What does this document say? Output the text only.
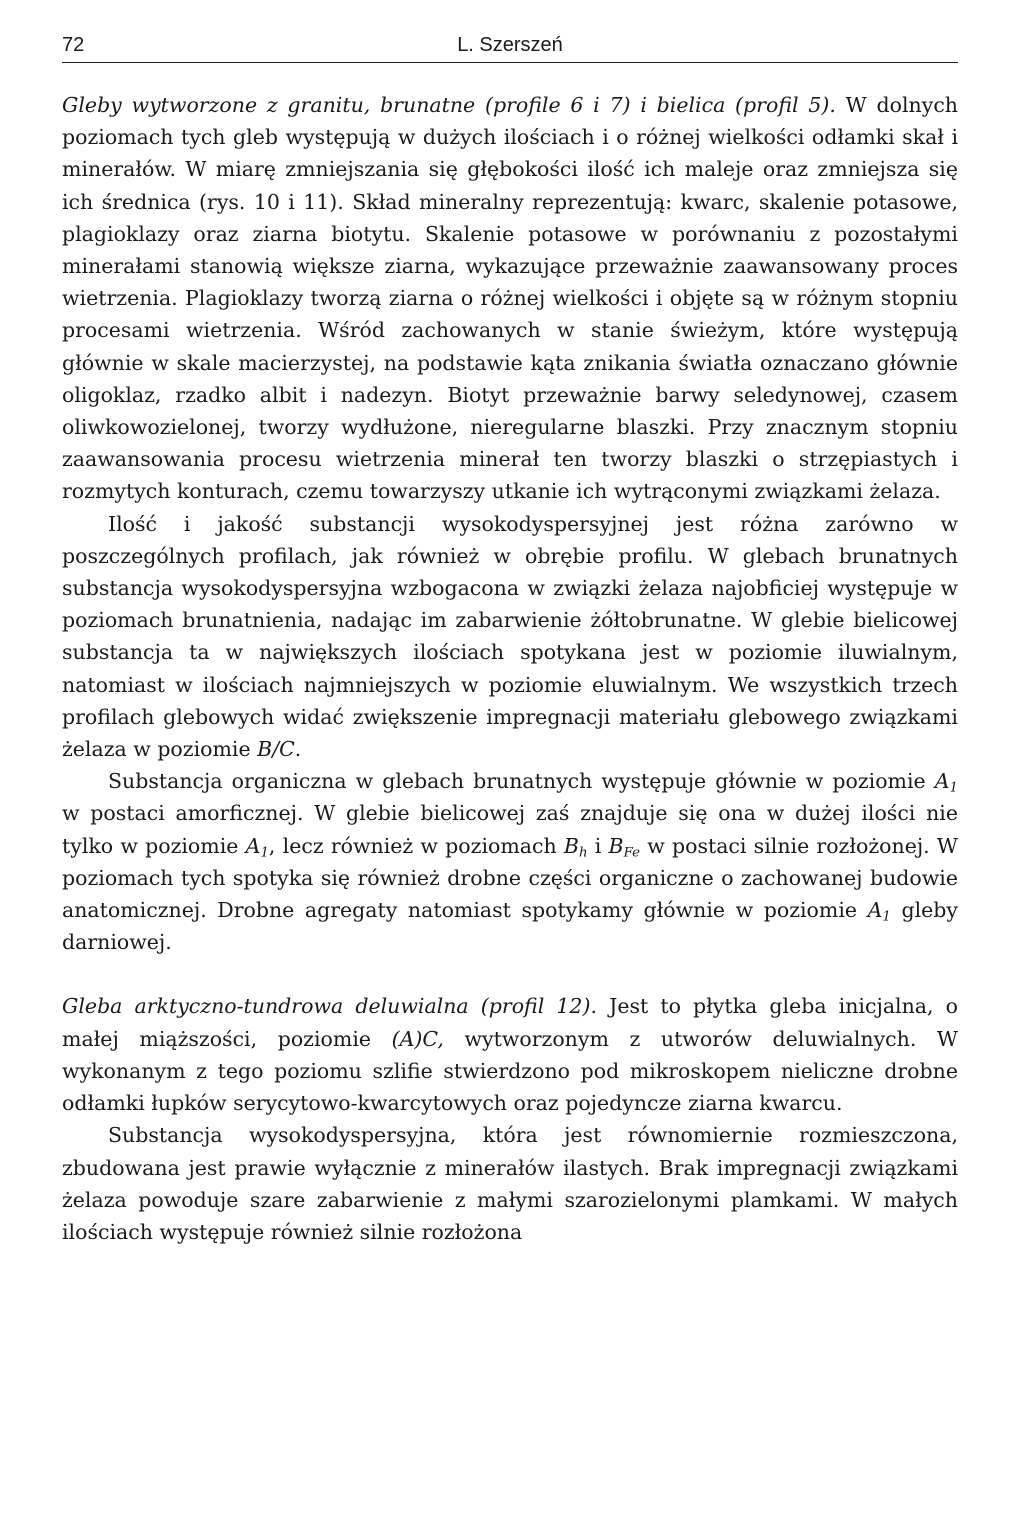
72	L. Szerszeń

Gleby wytworzone z granitu, brunatne (profile 6 i 7) i bielica (profil 5). W dolnych poziomach tych gleb występują w dużych ilościach i o różnej wielkości odłamki skał i minerałów. W miarę zmniejszania się głębokości ilość ich maleje oraz zmniejsza się ich średnica (rys. 10 i 11). Skład mineralny reprezentują: kwarc, skalenie potasowe, plagioklazy oraz ziarna biotytu. Skalenie potasowe w porównaniu z pozostałymi minerałami stanowią większe ziarna, wykazujące przeważnie zaawansowany proces wietrzenia. Plagioklazy tworzą ziarna o różnej wielkości i objęte są w różnym stopniu procesami wietrzenia. Wśród zachowanych w stanie świeżym, które występują głównie w skale macierzystej, na podstawie kąta znikania światła oznaczano głównie oligoklaz, rzadko albit i nadezyn. Biotyt przeważnie barwy seledynowej, czasem oliwkowozielonej, tworzy wydłużone, nieregularne blaszki. Przy znacznym stopniu zaawansowania procesu wietrzenia minerał ten tworzy blaszki o strzępiastych i rozmytych konturach, czemu towarzyszy utkanie ich wytrąconymi związkami żelaza.

Ilość i jakość substancji wysokodyspersyjnej jest różna zarówno w poszczególnych profilach, jak również w obrębie profilu. W glebach brunatnych substancja wysokodyspersyjna wzbogacona w związki żelaza najobficiej występuje w poziomach brunatnienia, nadając im zabarwienie żółtobrunatne. W glebie bielicowej substancja ta w największych ilościach spotykana jest w poziomie iluwialnym, natomiast w ilościach najmniejszych w poziomie eluwialnym. We wszystkich trzech profilach glebowych widać zwiększenie impregnacji materiału glebowego związkami żelaza w poziomie B/C.

Substancja organiczna w glebach brunatnych występuje głównie w poziomie $A_1$ w postaci amorficznej. W glebie bielicowej zaś znajduje się ona w dużej ilości nie tylko w poziomie $A_1$, lecz również w poziomach $B_h$ i $B_{Fe}$ w postaci silnie rozłożonej. W poziomach tych spotyka się również drobne części organiczne o zachowanej budowie anatomicznej. Drobne agregaty natomiast spotykamy głównie w poziomie $A_1$ gleby darniowej.

Gleba arktyczno-tundrowa deluwialna (profil 12). Jest to płytka gleba inicjalna, o małej miąższości, poziomie (A)C, wytworzonym z utworów deluwialnych. W wykonanym z tego poziomu szlifie stwierdzono pod mikroskopem nieliczne drobne odłamki łupków serycytowo-kwarcytowych oraz pojedyncze ziarna kwarcu.

Substancja wysokodyspersyjna, która jest równomiernie rozmieszczona, zbudowana jest prawie wyłącznie z minerałów ilastych. Brak impregnacji związkami żelaza powoduje szare zabarwienie z małymi szarozielonymi plamkami. W małych ilościach występuje również silnie rozłożona
